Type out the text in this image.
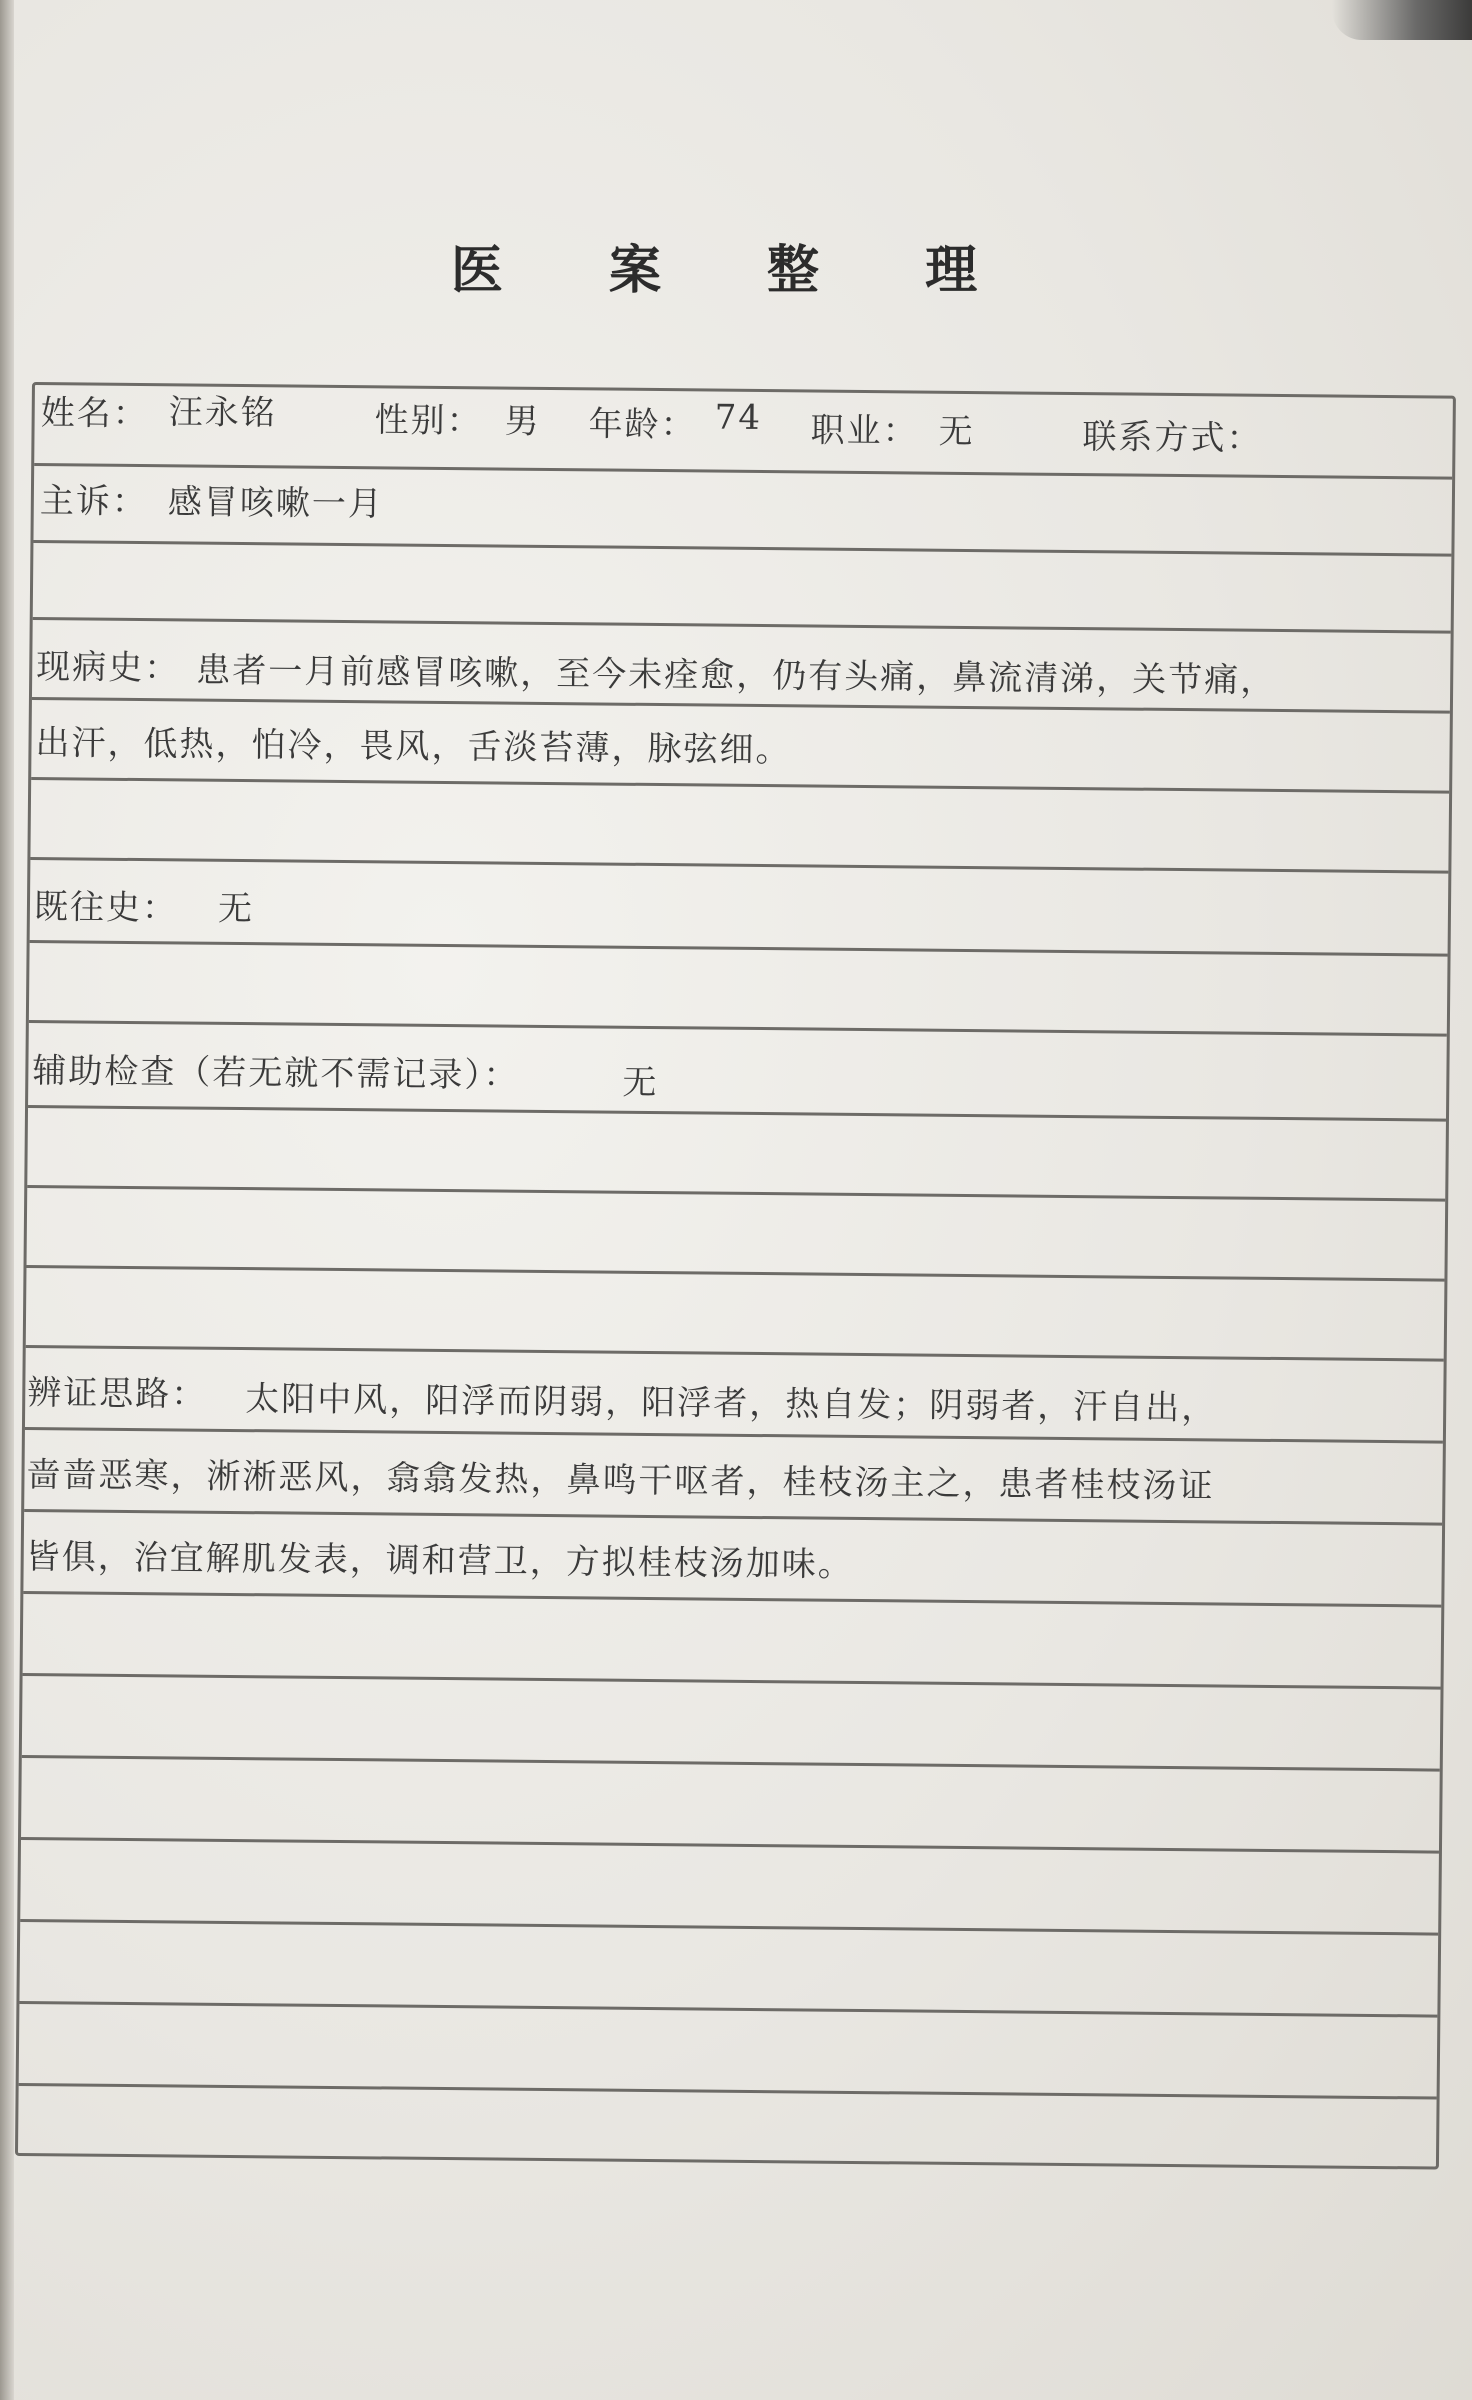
医 案 整 理
姓名： 汪永铭	性别： 男 年龄： 74 职业： 无	联系方式：
主诉： 感冒咳嗽一月
现病史： 患者一月前感冒咳嗽，至今未痊愈，仍有头痛，鼻流清涕，关节痛，
出汗，低热，怕冷，畏风，舌淡苔薄，脉弦细。
既往史： 无
辅助检查（若无就不需记录）：	无
辨证思路： 太阳中风，阳浮而阴弱，阳浮者，热自发；阴弱者，汗自出，
啬啬恶寒，淅淅恶风，翕翕发热，鼻鸣干呕者，桂枝汤主之，患者桂枝汤证
皆俱，治宜解肌发表，调和营卫，方拟桂枝汤加味。
